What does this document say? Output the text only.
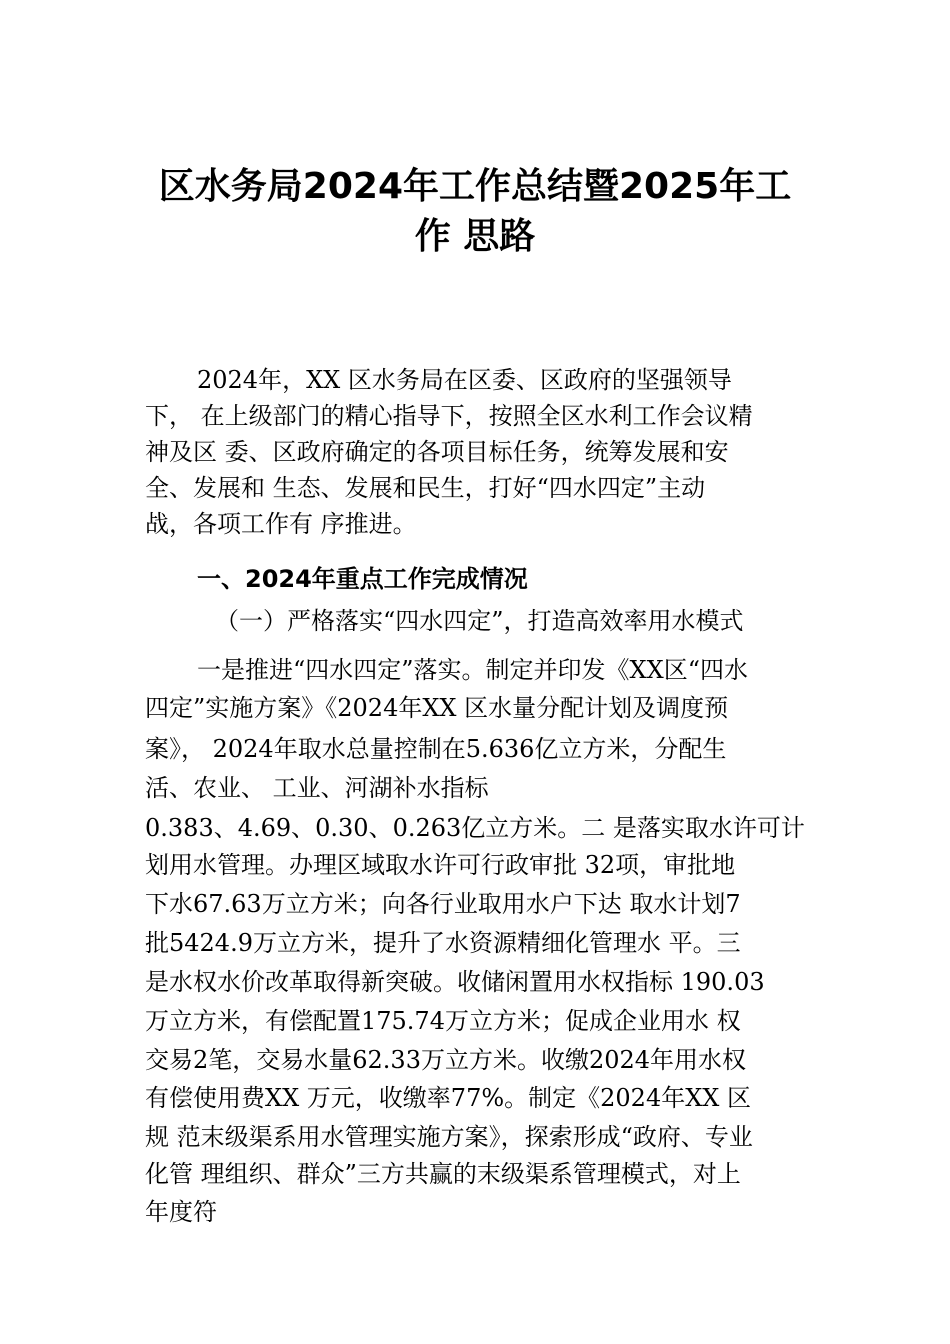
区水务局2024年工作总结暨2025年工
作 思路
2024年，XX 区水务局在区委、区政府的坚强领导
下， 在上级部门的精心指导下，按照全区水利工作会议精
神及区 委、区政府确定的各项目标任务，统筹发展和安
全、发展和 生态、发展和民生，打好“四水四定”主动
战，各项工作有 序推进。
一、2024年重点工作完成情况
（一）严格落实“四水四定”，打造高效率用水模式
一是推进“四水四定”落实。制定并印发《XX区“四水
四定”实施方案》《2024年XX 区水量分配计划及调度预
案》， 2024年取水总量控制在5.636亿立方米，分配生
活、农业、 工业、河湖补水指标
0.383、4.69、0.30、0.263亿立方米。二 是落实取水许可计
划用水管理。办理区域取水许可行政审批 32项，审批地
下水67.63万立方米；向各行业取用水户下达 取水计划7
批5424.9万立方米，提升了水资源精细化管理水 平。三
是水权水价改革取得新突破。收储闲置用水权指标 190.03
万立方米，有偿配置175.74万立方米；促成企业用水 权
交易2笔，交易水量62.33万立方米。收缴2024年用水权
有偿使用费XX 万元，收缴率77%。制定《2024年XX 区
规 范末级渠系用水管理实施方案》，探索形成“政府、专业
化管 理组织、群众”三方共赢的末级渠系管理模式，对上
年度符
